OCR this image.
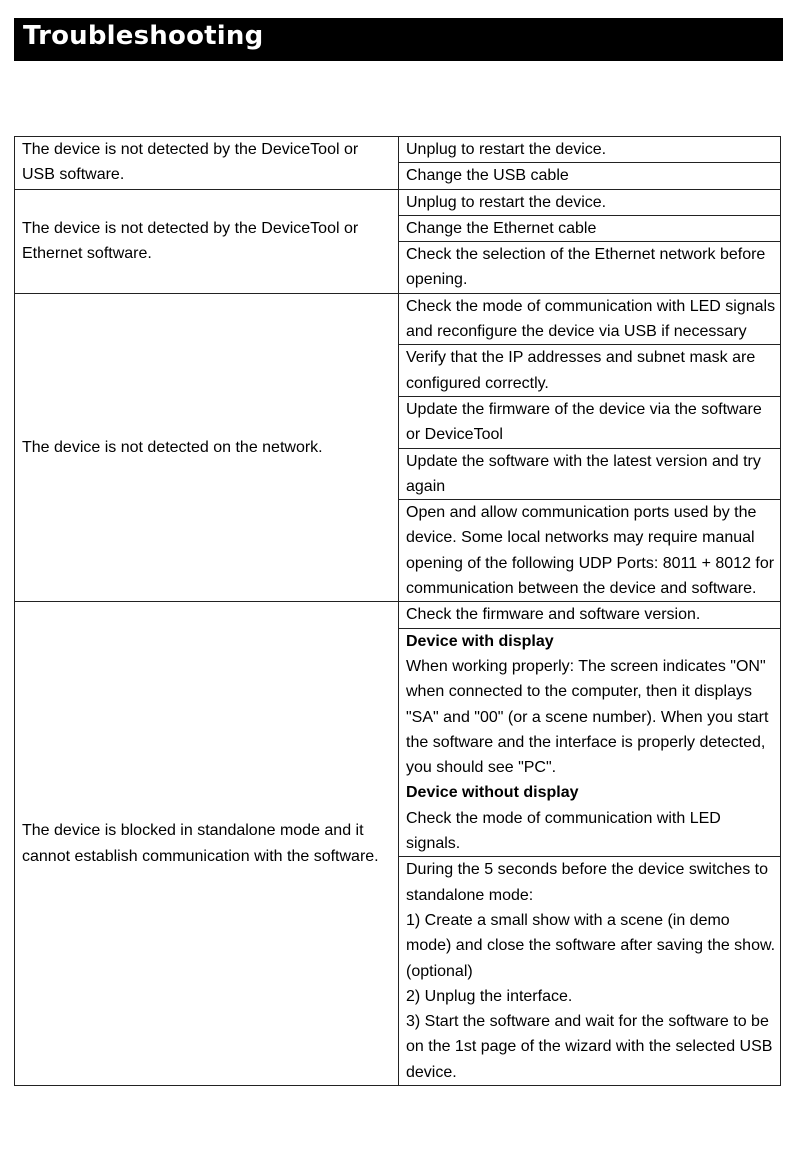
Troubleshooting
The device is not detected by the DeviceTool or USB software.	Unplug to restart the device.
	Change the USB cable
The device is not detected by the DeviceTool or Ethernet software.	Unplug to restart the device.
	Change the Ethernet cable
	Check the selection of the Ethernet network before opening.
The device is not detected on the network.	Check the mode of communication with LED signals and reconfigure the device via USB if necessary
	Verify that the IP addresses and subnet mask are configured correctly.
	Update the firmware of the device via the software or DeviceTool
	Update the software with the latest version and try again
	Open and allow communication ports used by the device. Some local networks may require manual opening of the following UDP Ports: 8011 + 8012 for communication between the device and software.
The device is blocked in standalone mode and it cannot establish communication with the software.	Check the firmware and software version.

	Device with display
When working properly: The screen indicates "ON" when connected to the computer, then it displays "SA" and "00" (or a scene number). When you start the software and the interface is properly detected, you should see "PC".
Device without display
Check the mode of communication with LED signals.

	During the 5 seconds before the device switches to standalone mode:
1) Create a small show with a scene (in demo mode) and close the software after saving the show.(optional)
2) Unplug the interface.
3) Start the software and wait for the software to be on the 1st page of the wizard with the selected USB device.
